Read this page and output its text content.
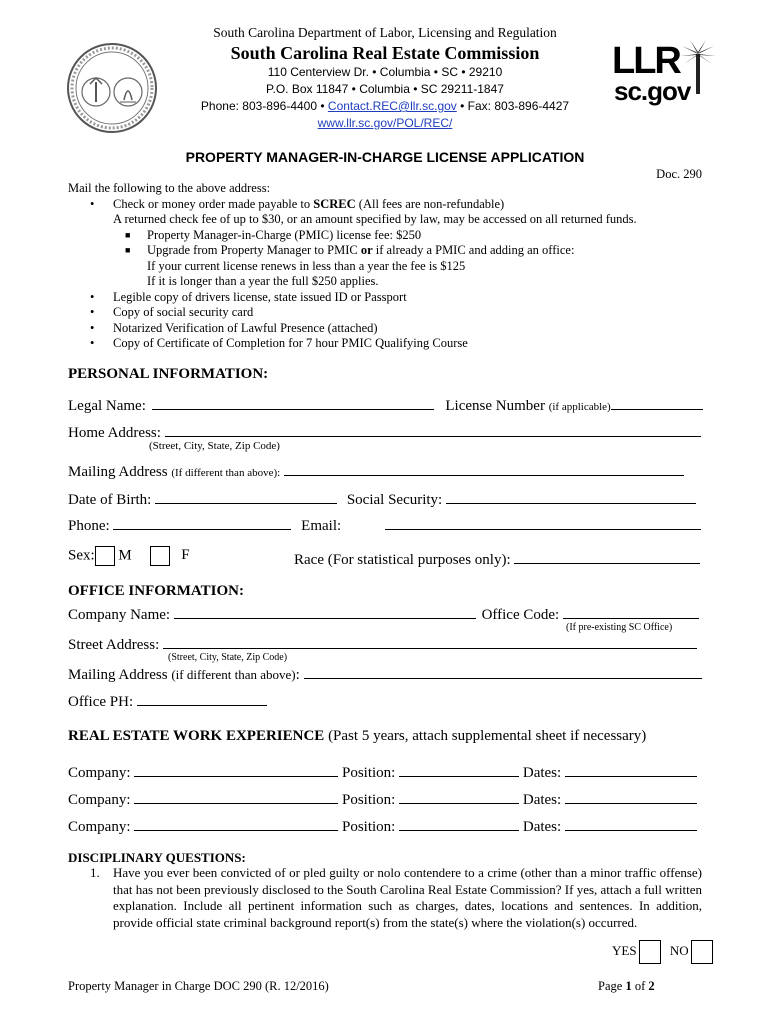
South Carolina Department of Labor, Licensing and Regulation
South Carolina Real Estate Commission
110 Centerview Dr. • Columbia • SC • 29210
P.O. Box 11847 • Columbia • SC 29211-1847
Phone: 803-896-4400 • Contact.REC@llr.sc.gov • Fax: 803-896-4427
www.llr.sc.gov/POL/REC/
LLR
sc.gov
PROPERTY MANAGER-IN-CHARGE LICENSE APPLICATION
Doc. 290
Mail the following to the above address:
• Check or money order made payable to SCREC (All fees are non-refundable)
A returned check fee of up to $30, or an amount specified by law, may be accessed on all returned funds.
■ Property Manager-in-Charge (PMIC) license fee: $250
■ Upgrade from Property Manager to PMIC or if already a PMIC and adding an office:
If your current license renews in less than a year the fee is $125
If it is longer than a year the full $250 applies.
• Legible copy of drivers license, state issued ID or Passport
• Copy of social security card
• Notarized Verification of Lawful Presence (attached)
• Copy of Certificate of Completion for 7 hour PMIC Qualifying Course
PERSONAL INFORMATION:
Legal Name:	License Number (if applicable)
Home Address:
(Street, City, State, Zip Code)
Mailing Address (If different than above):
Date of Birth:	Social Security:
Phone:	Email:
Sex: M	F	Race (For statistical purposes only):
OFFICE INFORMATION:
Company Name:	Office Code:
(If pre-existing SC Office)
Street Address:
(Street, City, State, Zip Code)
Mailing Address (if different than above):
Office PH:
REAL ESTATE WORK EXPERIENCE (Past 5 years, attach supplemental sheet if necessary)
Company:	Position:	Dates:
Company:	Position:	Dates:
Company:	Position:	Dates:
DISCIPLINARY QUESTIONS:
1. Have you ever been convicted of or pled guilty or nolo contendere to a crime (other than a minor traffic offense) that has not been previously disclosed to the South Carolina Real Estate Commission? If yes, attach a full written explanation. Include all pertinent information such as charges, dates, locations and sentences. In addition, provide official state criminal background report(s) from the state(s) where the violation(s) occurred.
YES	NO
Property Manager in Charge DOC 290 (R. 12/2016)	Page 1 of 2
